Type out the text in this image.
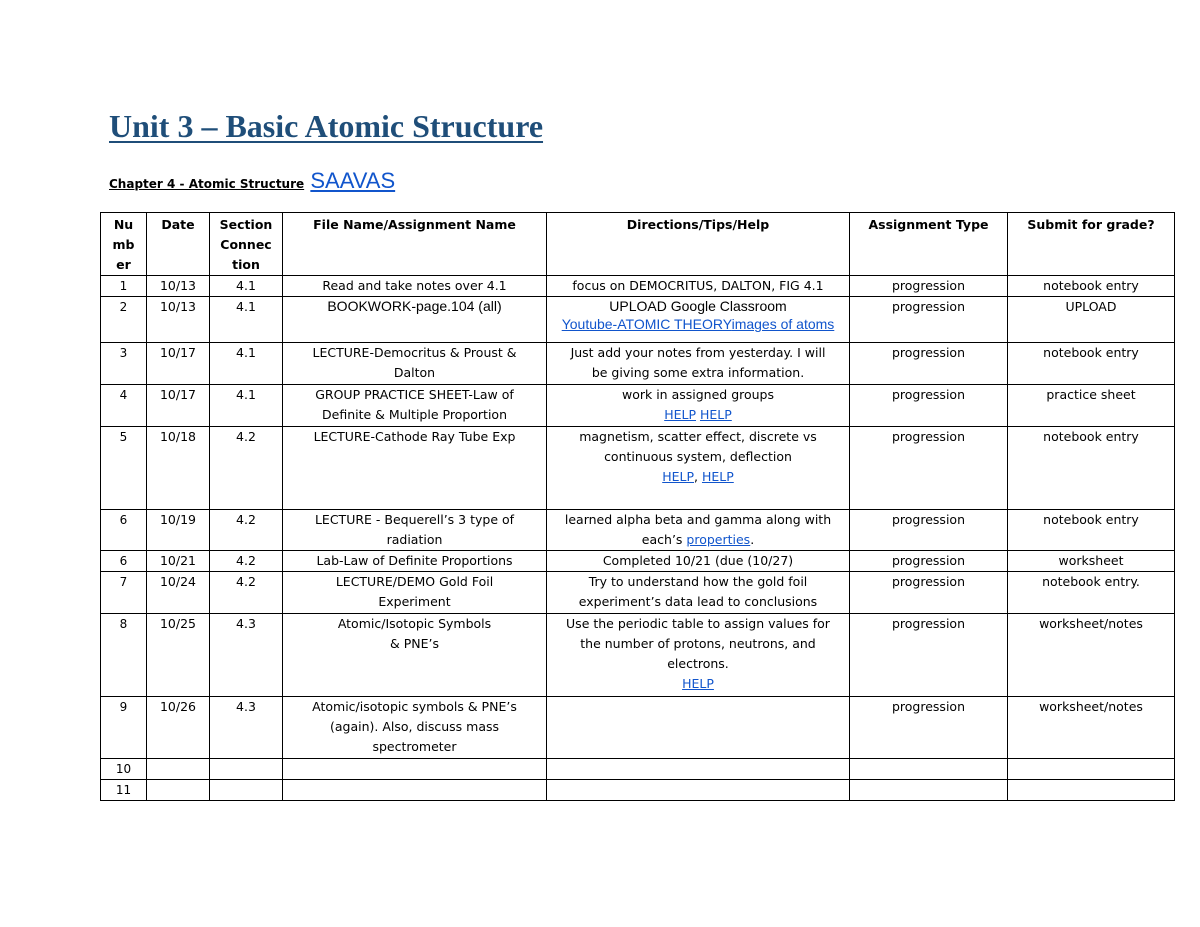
Unit 3 – Basic Atomic Structure
Chapter 4 - Atomic Structure SAAVAS
Nu
mb
er	Date	Section
Connec
tion	File Name/Assignment Name	Directions/Tips/Help	Assignment Type	Submit for grade?
1	10/13	4.1	Read and take notes over 4.1	focus on DEMOCRITUS, DALTON, FIG 4.1	progression	notebook entry
2	10/13	4.1	BOOKWORK-page.104 (all)	UPLOAD Google Classroom
Youtube-ATOMIC THEORYimages of atoms	progression	UPLOAD
3	10/17	4.1	LECTURE-Democritus & Proust &
Dalton	Just add your notes from yesterday. I will
be giving some extra information.	progression	notebook entry
4	10/17	4.1	GROUP PRACTICE SHEET-Law of
Definite & Multiple Proportion	work in assigned groups
HELP HELP	progression	practice sheet
5	10/18	4.2	LECTURE-Cathode Ray Tube Exp	magnetism, scatter effect, discrete vs
continuous system, deflection
HELP, HELP	progression	notebook entry
6	10/19	4.2	LECTURE - Bequerell’s 3 type of
radiation	learned alpha beta and gamma along with
each’s properties.	progression	notebook entry
6	10/21	4.2	Lab-Law of Definite Proportions	Completed 10/21 (due (10/27)	progression	worksheet
7	10/24	4.2	LECTURE/DEMO Gold Foil
Experiment	Try to understand how the gold foil
experiment’s data lead to conclusions	progression	notebook entry.
8	10/25	4.3	Atomic/Isotopic Symbols
& PNE’s	Use the periodic table to assign values for
the number of protons, neutrons, and
electrons.
HELP	progression	worksheet/notes
9	10/26	4.3	Atomic/isotopic symbols & PNE’s
(again). Also, discuss mass
spectrometer		progression	worksheet/notes
10						
11						
